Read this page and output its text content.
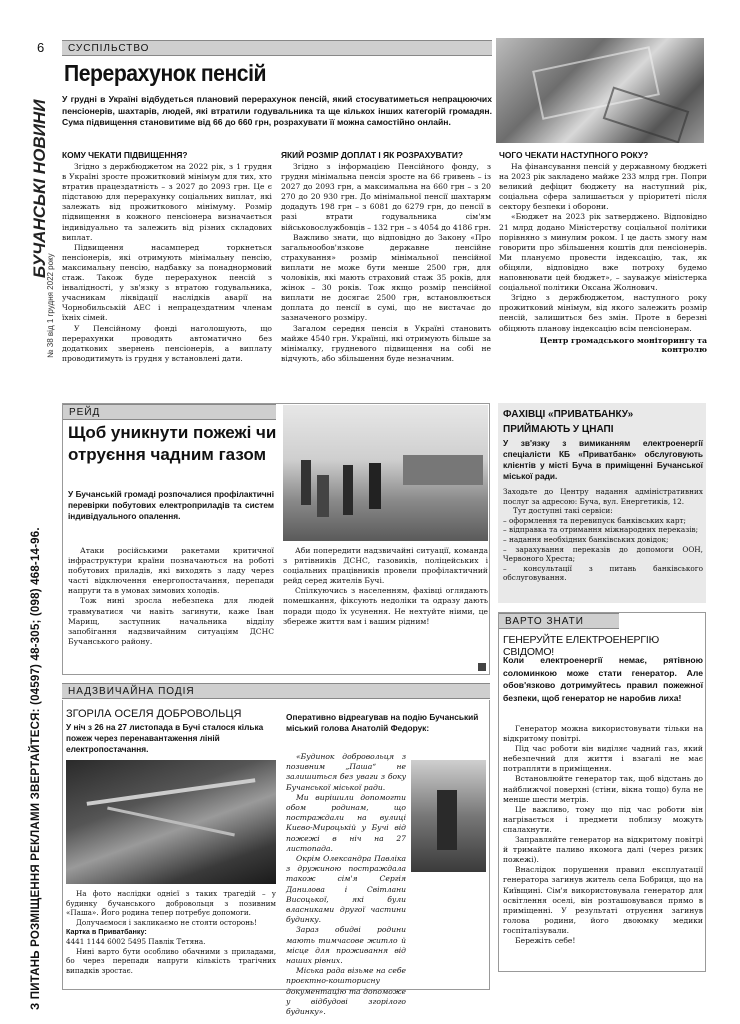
6
БУЧАНСЬКІ НОВИНИ
№ 38 від 1 грудня 2022 року
З ПИТАНЬ РОЗМІЩЕННЯ РЕКЛАМИ ЗВЕРТАЙТЕСЯ: (04597) 48-305; (098) 468-14-96.
СУСПІЛЬСТВО
Перерахунок пенсій
У грудні в Україні відбудеться плановий перерахунок пенсій, який стосуватиметься непрацюючих пенсіонерів, шахтарів, людей, які втратили годувальника та ще кількох інших категорій громадян. Сума підвищення становитиме від 66 до 660 грн, розрахувати її можна самостійно онлайн.
КОМУ ЧЕКАТИ ПІДВИЩЕННЯ?

Згідно з держбюджетом на 2022 рік, з 1 грудня в Україні зросте прожитковий мінімум для тих, хто втратив працездатність – з 2027 до 2093 грн. Це є підставою для перерахунку соціальних виплат, які залежать від прожиткового мінімуму. Розмір підвищення в кожного пенсіонера визначається індивідуально та залежить від різних складових виплат.

Підвищення насамперед торкнеться пенсіонерів, які отримують мінімальну пенсію, максимальну пенсію, надбавку за понаднормовий стаж. Також буде перерахунок пенсій з інвалідності, у зв'язку з втратою годувальника, учасникам ліквідації наслідків аварії на Чорнобильській АЕС і непрацездатним членам їхніх сімей.

У Пенсійному фонді наголошують, що перерахунки проводять автоматично без додаткових звернень пенсіонерів, а виплату проводитимуть із грудня у встановлені дати.

ЯКИЙ РОЗМІР ДОПЛАТ І ЯК РОЗРАХУВАТИ?

Згідно з інформацією Пенсійного фонду, з грудня мінімальна пенсія зросте на 66 гривень – із 2027 до 2093 грн, а максимальна на 660 грн – з 20 270 до 20 930 грн. До мінімальної пенсії шахтарям додадуть 198 грн – з 6081 до 6279 грн, до пенсії в разі втрати годувальника сім'ям військовослужбовців – 132 грн – з 4054 до 4186 грн.

Важливо знати, що відповідно до Закону «Про загальнообов'язкове державне пенсійне страхування» розмір мінімальної пенсійної виплати не може бути менше 2500 грн, для чоловіків, які мають страховий стаж 35 років, для жінок – 30 років. Тож якщо розмір пенсійної виплати не досягає 2500 грн, встановлюється доплата до пенсії в сумі, що не вистачає до зазначеного розміру.

Загалом середня пенсія в Україні становить майже 4540 грн. Українці, які отримують більше за мінімалку, грудневого підвищення на собі не відчують, або збільшення буде незначним.

ЧОГО ЧЕКАТИ НАСТУПНОГО РОКУ?

На фінансування пенсій у державному бюджеті на 2023 рік закладено майже 233 млрд грн. Попри великий дефіцит бюджету на наступний рік, соціальна сфера залишається у пріоритеті після сектору безпеки і оборони.

«Бюджет на 2023 рік затверджено. Відповідно 21 млрд додано Міністерству соціальної політики порівняно з минулим роком. І це дасть змогу нам говорити про збільшення коштів для пенсіонерів. Ми плануємо провести індексацію, так, як обіцяли, відповідно вже потроху будемо наповнювати цей бюджет», – зауважує міністерка соціальної політики Оксана Жолнович.

Згідно з держбюджетом, наступного року прожитковий мінімум, від якого залежить розмір пенсій, залишиться без змін. Проте в березні обіцяють планову індексацію всім пенсіонерам.

Центр громадського моніторингу та контролю
РЕЙД
Щоб уникнути пожежі чи отруєння чадним газом
У Бучанській громаді розпочалися профілактичні перевірки побутових електроприладів та систем індивідуального опалення.

Атаки російськими ракетами критичної інфраструктури країни позначаються на роботі побутових приладів, які виходять з ладу через часті відключення енергопостачання, перепади напруги та в умовах зимових холодів.

Тож нині зросла небезпека для людей травмуватися чи навіть загинути, каже Іван Марищ, заступник начальника відділу запобігання надзвичайним ситуаціям ДСНС Бучанського району.

Аби попередити надзвичайні ситуації, команда з рятівників ДСНС, газовиків, поліцейських і соціальних працівників провели профілактичний рейд серед жителів Бучі.

Спілкуючись з населенням, фахівці оглядають помешкання, фіксують недоліки та одразу дають поради щодо їх усунення. Не нехтуйте ніими, це збереже життя вам і вашим рідним!

ФАХІВЦІ «ПРИВАТБАНКУ» ПРИЙМАЮТЬ У ЦНАПІ
У зв'язку з вимиканням електроенергії спеціалісти КБ «Приватбанк» обслуговують клієнтів у місті Буча в приміщенні Бучанської міської ради.
Заходьте до Центру надання адміністративних послуг за адресою: Буча, вул. Енергетиків, 12.
Тут доступні такі сервіси:
– оформлення та перевипуск банківських карт;
– відправка та отримання міжнародних переказів;
– надання необхідних банківських довідок;
– зарахування переказів до допомоги ООН, Червоного Хреста;
– консультації з питань банківського обслуговування.
ВАРТО ЗНАТИ
ГЕНЕРУЙТЕ ЕЛЕКТРОЕНЕРГІЮ СВІДОМО!
Коли електроенергії немає, рятівною соломинкою може стати генератор. Але обов'язково дотримуйтесь правил пожежної безпеки, щоб генератор не наробив лиха!

Генератор можна використовувати тільки на відкритому повітрі.

Під час роботи він виділяє чадний газ, який небезпечний для життя і взагалі не має потрапляти в приміщення.

Встановлюйте генератор так, щоб відстань до найближчої поверхні (стіни, вікна тощо) була не менше шести метрів.

Це важливо, тому що під час роботи він нагрівається і предмети поблизу можуть спалахнути.

Заправляйте генератор на відкритому повітрі й тримайте паливо якомога далі (через ризик пожежі).

Внаслідок порушення правил експлуатації генератора загинув житель села Бобриця, що на Київщині. Сім'я використовувала генератор для освітлення оселі, він розташовувався прямо в приміщенні. У результаті отруєння загинув голова родини, його двоюмку медики госпіталізували.

Бережіть себе!

НАДЗВИЧАЙНА ПОДІЯ
ЗГОРІЛА ОСЕЛЯ ДОБРОВОЛЬЦЯ
У ніч з 26 на 27 листопада в Бучі сталося кілька пожеж через перенавантаження ліній електропостачання.

На фото наслідки однієї з таких трагедій – у будинку бучанського добровольця з позивним «Паша». Його родина тепер потребує допомоги.

Долучаємося і закликаємо не стояти осторонь!

Картка в Приватбанку:
4441 1144 6002 5495 Павлік Тетяна.
Нині вартo бути особливо обачними з приладами, бо через перепади напруги кількість трагічних випадків зростає.
Оперативно відреагував на подію Бучанський міський голова Анатолій Федорук:

«Будинок добровольця з позивним „Паша“ не залишиться без уваги з боку Бучанської міської ради.

Ми вирішили допомогти обом родинам, що постраждали на вулиці Києво-Мироцькій у Бучі від пожежі в ніч на 27 листопада.

Окрім Олександра Павліка з дружиною постраждала також сім'я Сергія Данилова і Світлани Висоцької, які були власниками другої частини будинку.

Зараз обидві родини мають тимчасове житло й місце для проживання від наших рівних.

Міська рада візьме на себе проєктно-кошторисну документацію та допоможе у відбудові згорілого будинку».
